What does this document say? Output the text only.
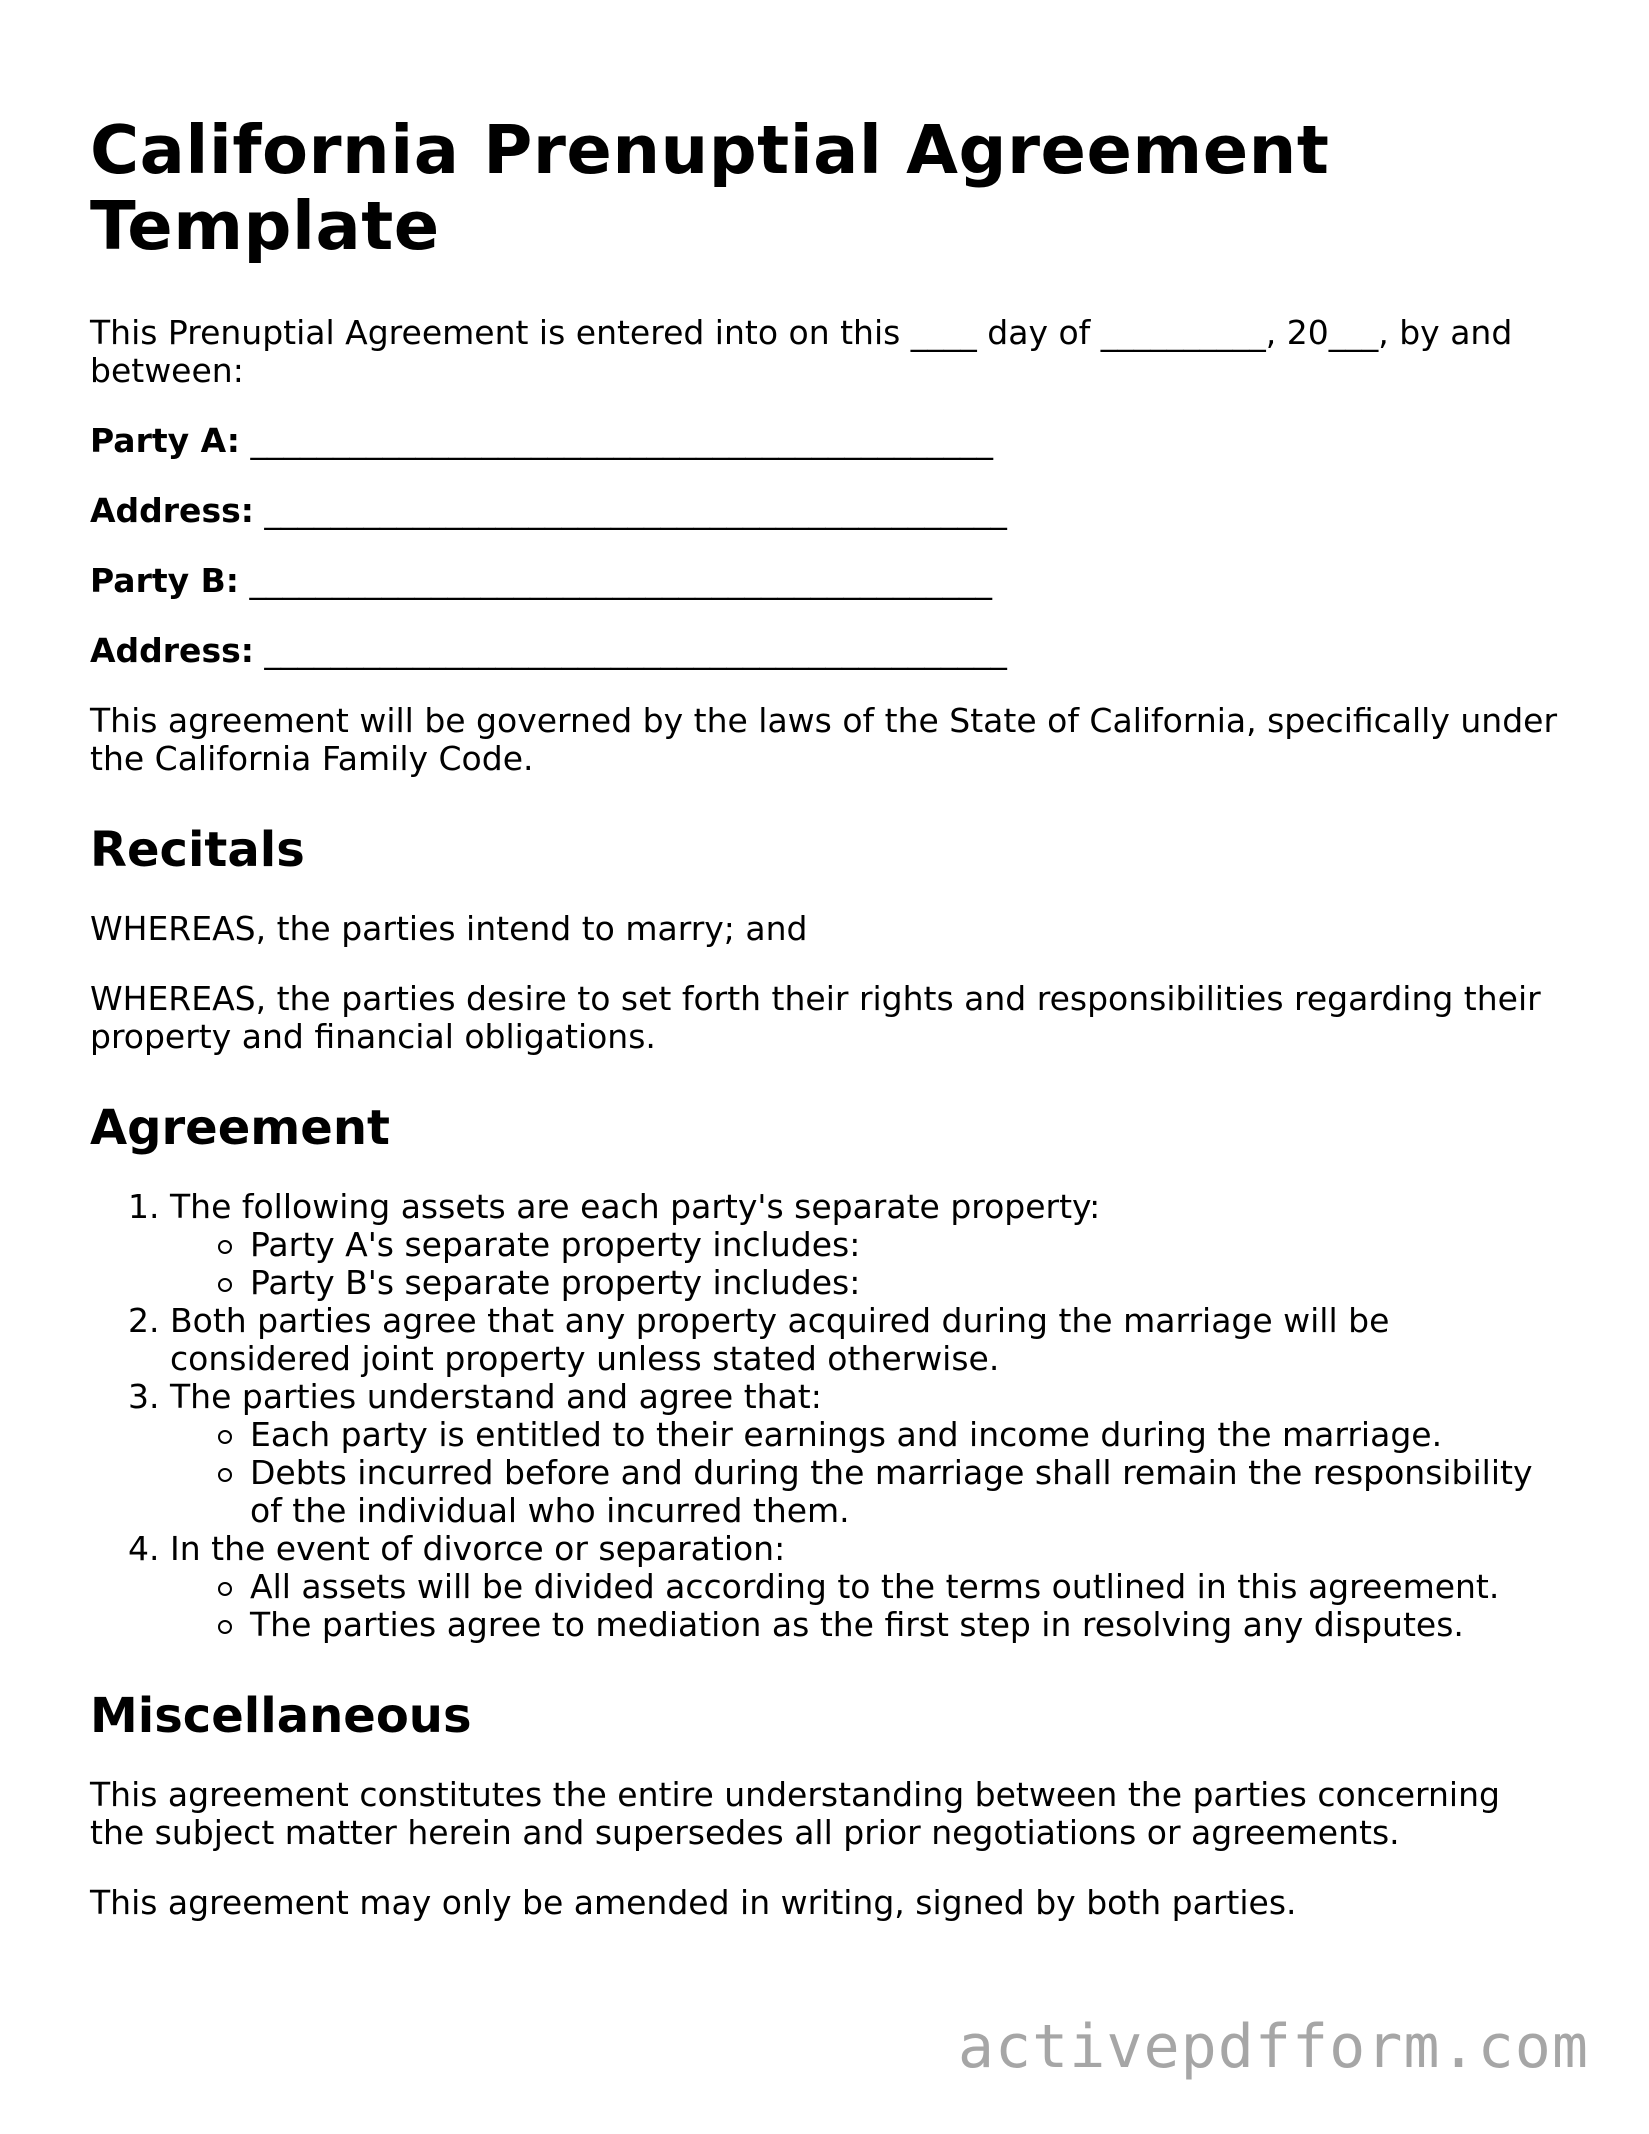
California Prenuptial Agreement Template

This Prenuptial Agreement is entered into on this ____ day of __________, 20___, by and between:

Party A: _____________________________________________
Address: _____________________________________________
Party B: _____________________________________________
Address: _____________________________________________

This agreement will be governed by the laws of the State of California, specifically under the California Family Code.

Recitals

WHEREAS, the parties intend to marry; and

WHEREAS, the parties desire to set forth their rights and responsibilities regarding their property and financial obligations.

Agreement
1. The following assets are each party's separate property:
Party A's separate property includes:
Party B's separate property includes:
2. Both parties agree that any property acquired during the marriage will be considered joint property unless stated otherwise.
3. The parties understand and agree that:
Each party is entitled to their earnings and income during the marriage.
Debts incurred before and during the marriage shall remain the responsibility of the individual who incurred them.
4. In the event of divorce or separation:
All assets will be divided according to the terms outlined in this agreement.
The parties agree to mediation as the first step in resolving any disputes.
Miscellaneous

This agreement constitutes the entire understanding between the parties concerning the subject matter herein and supersedes all prior negotiations or agreements.

This agreement may only be amended in writing, signed by both parties.

activepdfform.com
